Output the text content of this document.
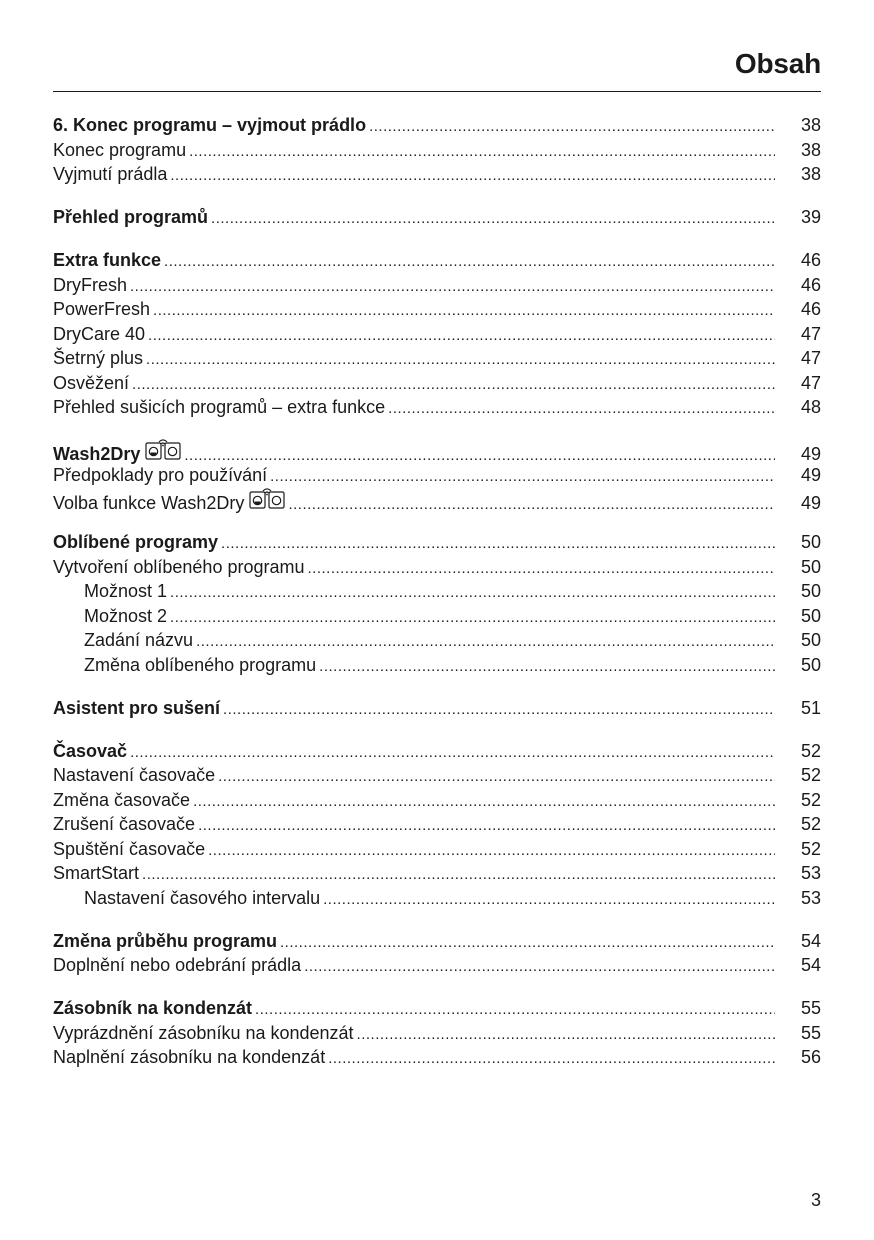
Obsah
6. Konec programu – vyjmout prádlo .....	38
Konec programu .....	38
Vyjmutí prádla .....	38
Přehled programů .....	39
Extra funkce .....	46
DryFresh .....	46
PowerFresh .....	46
DryCare 40 .....	47
Šetrný plus .....	47
Osvěžení .....	47
Přehled sušicích programů – extra funkce .....	48
Wash2Dry .....	49
Předpoklady pro používání .....	49
Volba funkce Wash2Dry .....	49
Oblíbené programy .....	50
Vytvoření oblíbeného programu .....	50
Možnost 1 .....	50
Možnost 2 .....	50
Zadání názvu .....	50
Změna oblíbeného programu .....	50
Asistent pro sušení .....	51
Časovač .....	52
Nastavení časovače .....	52
Změna časovače .....	52
Zrušení časovače .....	52
Spuštění časovače .....	52
SmartStart .....	53
Nastavení časového intervalu .....	53
Změna průběhu programu .....	54
Doplnění nebo odebrání prádla .....	54
Zásobník na kondenzát .....	55
Vyprázdnění zásobníku na kondenzát .....	55
Naplnění zásobníku na kondenzát .....	56
3
